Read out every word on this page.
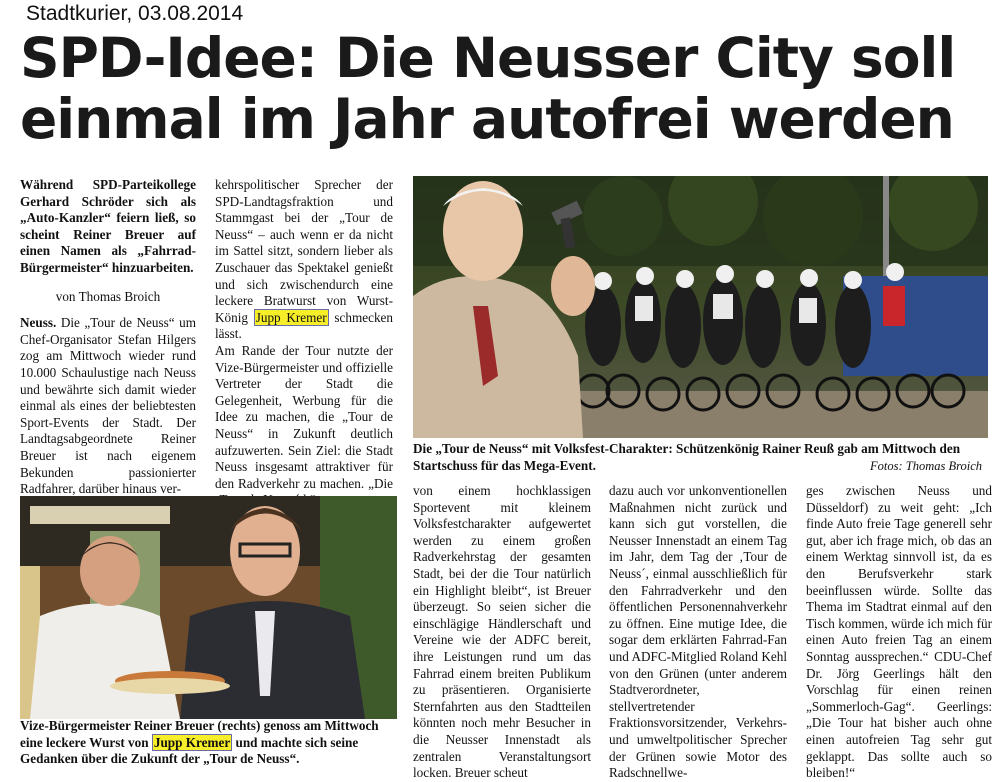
Stadtkurier, 03.08.2014
SPD-Idee: Die Neusser City soll
einmal im Jahr autofrei werden

Während SPD-Parteikollege Gerhard Schröder sich als „Auto-Kanzler“ feiern ließ, so scheint Reiner Breuer auf einen Namen als „Fahrrad-Bürgermeister“ hinzuarbeiten.

von Thomas Broich

Neuss. Die „Tour de Neuss“ um Chef-Organisator Stefan Hilgers zog am Mittwoch wieder rund 10.000 Schaulustige nach Neuss und bewährte sich damit wieder einmal als eines der beliebtesten Sport-Events der Stadt. Der Landtagsabgeordnete Reiner Breuer ist nach eigenem Bekunden passionierter Radfahrer, darüber hinaus ver-

kehrspolitischer Sprecher der SPD-Landtagsfraktion und Stammgast bei der „Tour de Neuss“ – auch wenn er da nicht im Sattel sitzt, sondern lieber als Zuschauer das Spektakel genießt und sich zwischendurch eine leckere Bratwurst von Wurst-König Jupp Kremer schmecken lässt.

Am Rande der Tour nutzte der Vize-Bürgermeister und offizielle Vertreter der Stadt die Gelegenheit, Werbung für die Idee zu machen, die „Tour de Neuss“ in Zukunft deutlich aufzuwerten. Sein Ziel: die Stadt Neuss insgesamt attraktiver für den Radverkehr zu machen. „Die

Die „Tour de Neuss“ mit Volksfest-Charakter: Schützenkönig Rainer Reuß gab am Mittwoch den Startschuss für das Mega-Event.	Fotos: Thomas Broich
Vize-Bürgermeister Reiner Breuer (rechts) genoss am Mittwoch eine leckere Wurst von Jupp Kremer und machte sich seine Gedanken über die Zukunft der „Tour de Neuss“.
von einem hochklassigen Sportevent mit kleinem Volksfestcharakter aufgewertet werden zu einem großen Radverkehrstag der gesamten Stadt, bei der die Tour natürlich ein Highlight bleibt“, ist Breuer überzeugt. So seien sicher die einschlägige Händlerschaft und Vereine wie der ADFC bereit, ihre Leistungen rund um das Fahrrad einem breiten Publikum zu präsentieren. Organisierte Sternfahrten aus den Stadtteilen könnten noch mehr Besucher in die Neusser Innenstadt als zentralen Veranstaltungsort locken. Breuer scheut
dazu auch vor unkonventionellen Maßnahmen nicht zurück und kann sich gut vorstellen, die Neusser Innenstadt an einem Tag im Jahr, dem Tag der ‚Tour de Neuss´, einmal ausschließlich für den Fahrradverkehr und den öffentlichen Personennahverkehr zu öffnen. Eine mutige Idee, die sogar dem erklärten Fahrrad-Fan und ADFC-Mitglied Roland Kehl von den Grünen (unter anderem Stadtverordneter, stellvertretender Fraktionsvorsitzender, Verkehrs- und umweltpolitischer Sprecher der Grünen sowie Motor des Radschnellwe-
ges zwischen Neuss und Düsseldorf) zu weit geht: „Ich finde Auto freie Tage generell sehr gut, aber ich frage mich, ob das an einem Werktag sinnvoll ist, da es den Berufsverkehr stark beeinflussen würde. Sollte das Thema im Stadtrat einmal auf den Tisch kommen, würde ich mich für einen Auto freien Tag an einem Sonntag aussprechen.“ CDU-Chef Dr. Jörg Geerlings hält den Vorschlag für einen reinen „Sommerloch-Gag“. Geerlings: „Die Tour hat bisher auch ohne einen autofreien Tag sehr gut geklappt. Das sollte auch so bleiben!“
